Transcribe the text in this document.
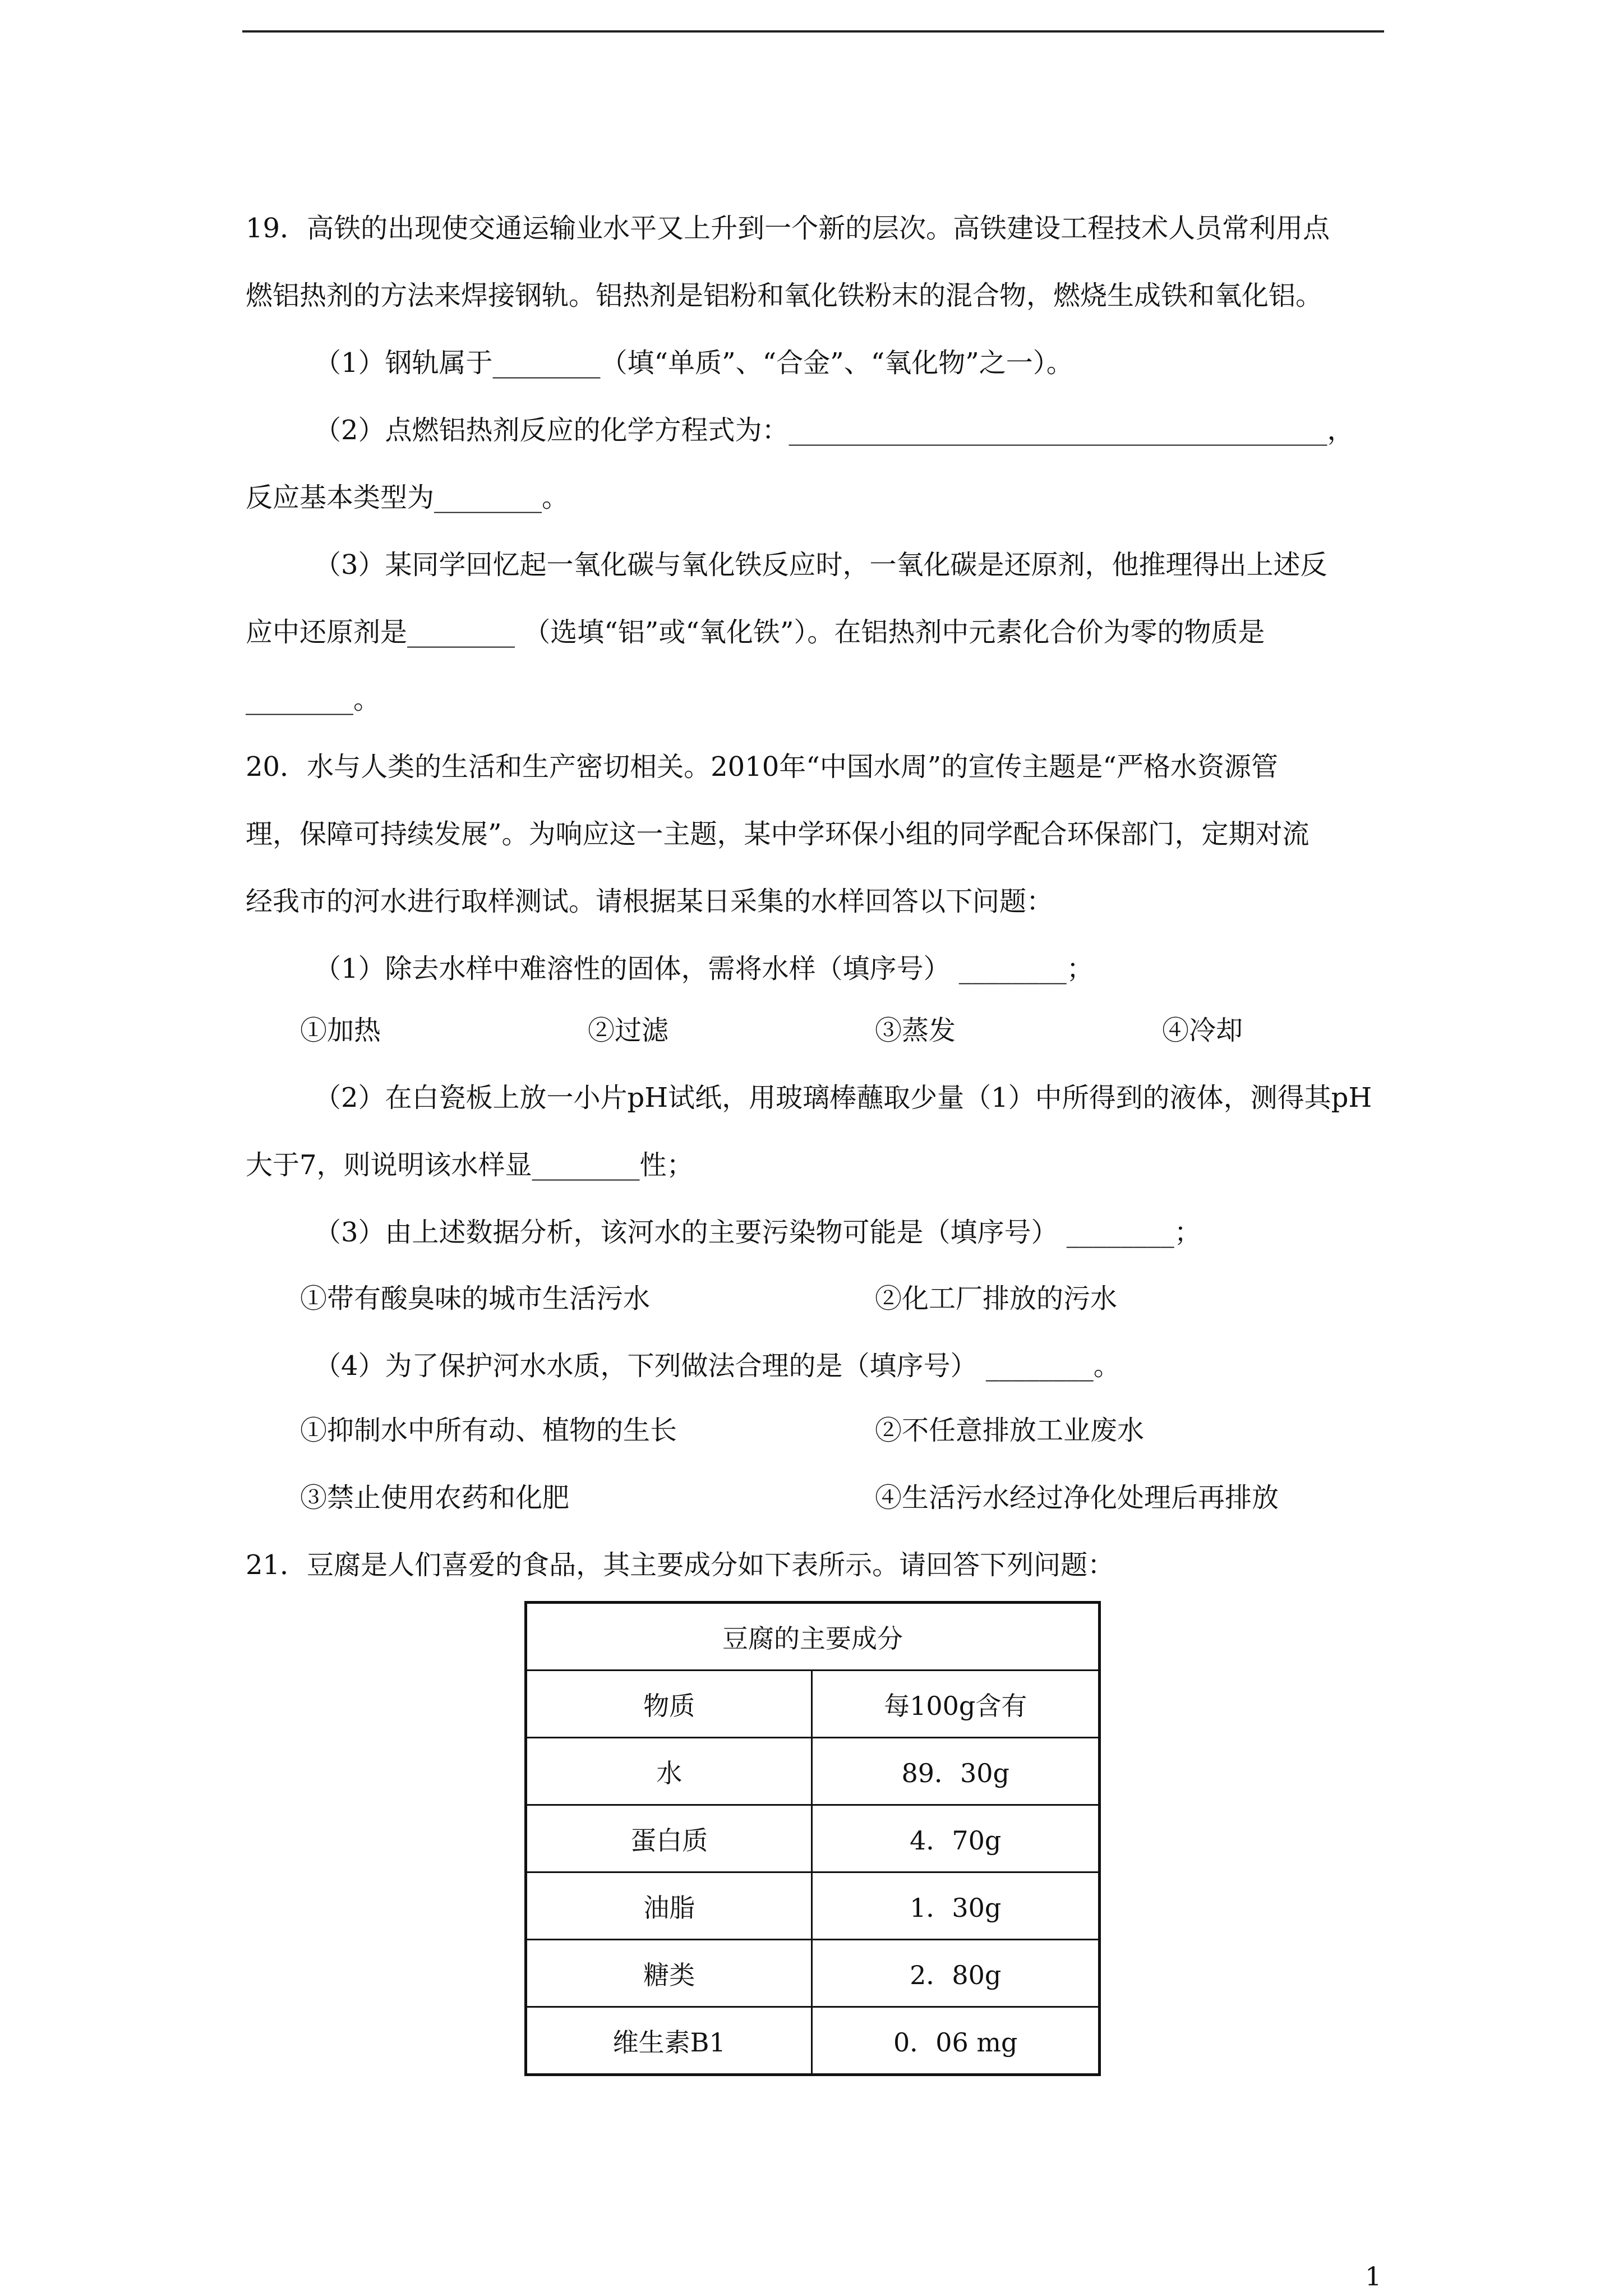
19．高铁的出现使交通运输业水平又上升到一个新的层次。高铁建设工程技术人员常利用点
燃铝热剂的方法来焊接钢轨。铝热剂是铝粉和氧化铁粉末的混合物，燃烧生成铁和氧化铝。
（1）钢轨属于________（填“单质”、“合金”、“氧化物”之一）。
（2）点燃铝热剂反应的化学方程式为：________________________________________，
反应基本类型为________。
（3）某同学回忆起一氧化碳与氧化铁反应时，一氧化碳是还原剂，他推理得出上述反
应中还原剂是________ （选填“铝”或“氧化铁”）。在铝热剂中元素化合价为零的物质是
________。
20．水与人类的生活和生产密切相关。2010年“中国水周”的宣传主题是“严格水资源管
理，保障可持续发展”。为响应这一主题，某中学环保小组的同学配合环保部门，定期对流
经我市的河水进行取样测试。请根据某日采集的水样回答以下问题：
（1）除去水样中难溶性的固体，需将水样（填序号） ________；
①加热	②过滤	③蒸发	④冷却
（2）在白瓷板上放一小片pH试纸，用玻璃棒蘸取少量（1）中所得到的液体，测得其pH
大于7，则说明该水样显________性；
（3）由上述数据分析，该河水的主要污染物可能是（填序号） ________；
①带有酸臭味的城市生活污水	②化工厂排放的污水
（4）为了保护河水水质，下列做法合理的是（填序号） ________。
①抑制水中所有动、植物的生长	②不任意排放工业废水
③禁止使用农药和化肥	④生活污水经过净化处理后再排放
21．豆腐是人们喜爱的食品，其主要成分如下表所示。请回答下列问题：
豆腐的主要成分	
物质	每100g含有
水	89．30g
蛋白质	4．70g
油脂	1．30g
糖类	2．80g
维生素B1	0．06 mg
1
